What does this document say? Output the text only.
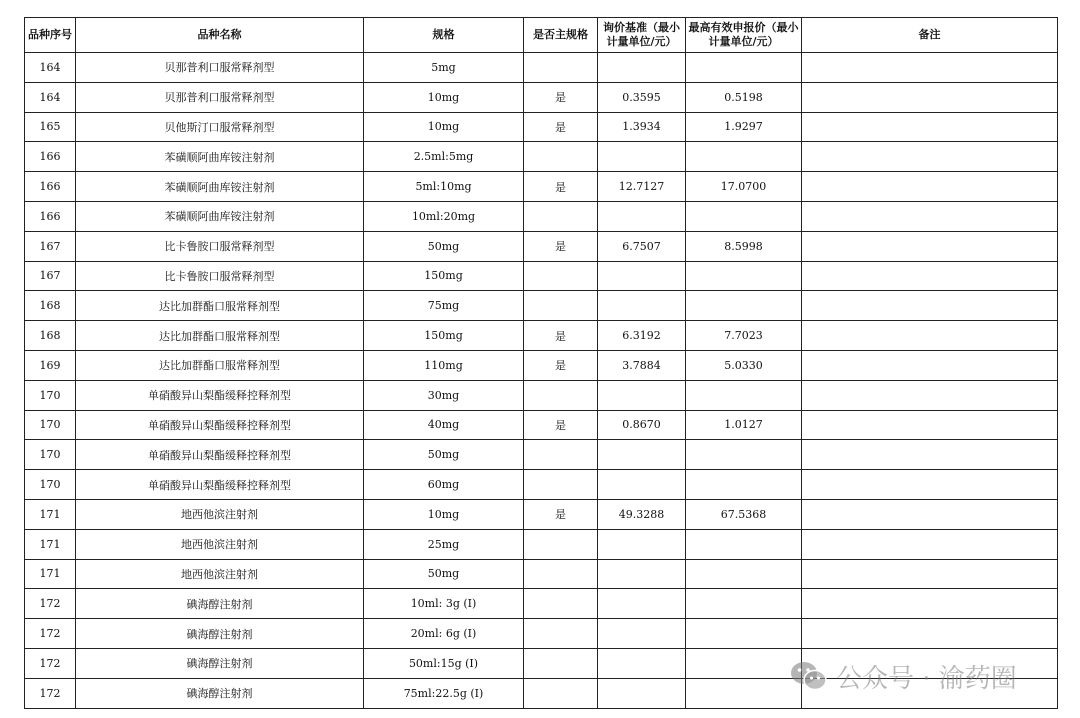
品种序号	品种名称	规格	是否主规格	询价基准（最小计量单位/元）	最高有效申报价（最小计量单位/元）	备注
164	贝那普利口服常释剂型	5mg				
164	贝那普利口服常释剂型	10mg	是	0.3595	0.5198	
165	贝他斯汀口服常释剂型	10mg	是	1.3934	1.9297	
166	苯磺顺阿曲库铵注射剂	2.5ml:5mg				
166	苯磺顺阿曲库铵注射剂	5ml:10mg	是	12.7127	17.0700	
166	苯磺顺阿曲库铵注射剂	10ml:20mg				
167	比卡鲁胺口服常释剂型	50mg	是	6.7507	8.5998	
167	比卡鲁胺口服常释剂型	150mg				
168	达比加群酯口服常释剂型	75mg				
168	达比加群酯口服常释剂型	150mg	是	6.3192	7.7023	
169	达比加群酯口服常释剂型	110mg	是	3.7884	5.0330	
170	单硝酸异山梨酯缓释控释剂型	30mg				
170	单硝酸异山梨酯缓释控释剂型	40mg	是	0.8670	1.0127	
170	单硝酸异山梨酯缓释控释剂型	50mg				
170	单硝酸异山梨酯缓释控释剂型	60mg				
171	地西他滨注射剂	10mg	是	49.3288	67.5368	
171	地西他滨注射剂	25mg				
171	地西他滨注射剂	50mg				
172	碘海醇注射剂	10ml: 3g (I)				
172	碘海醇注射剂	20ml: 6g (I)				
172	碘海醇注射剂	50ml:15g (I)				
172	碘海醇注射剂	75ml:22.5g (I)					公众号 · 渝药圈
